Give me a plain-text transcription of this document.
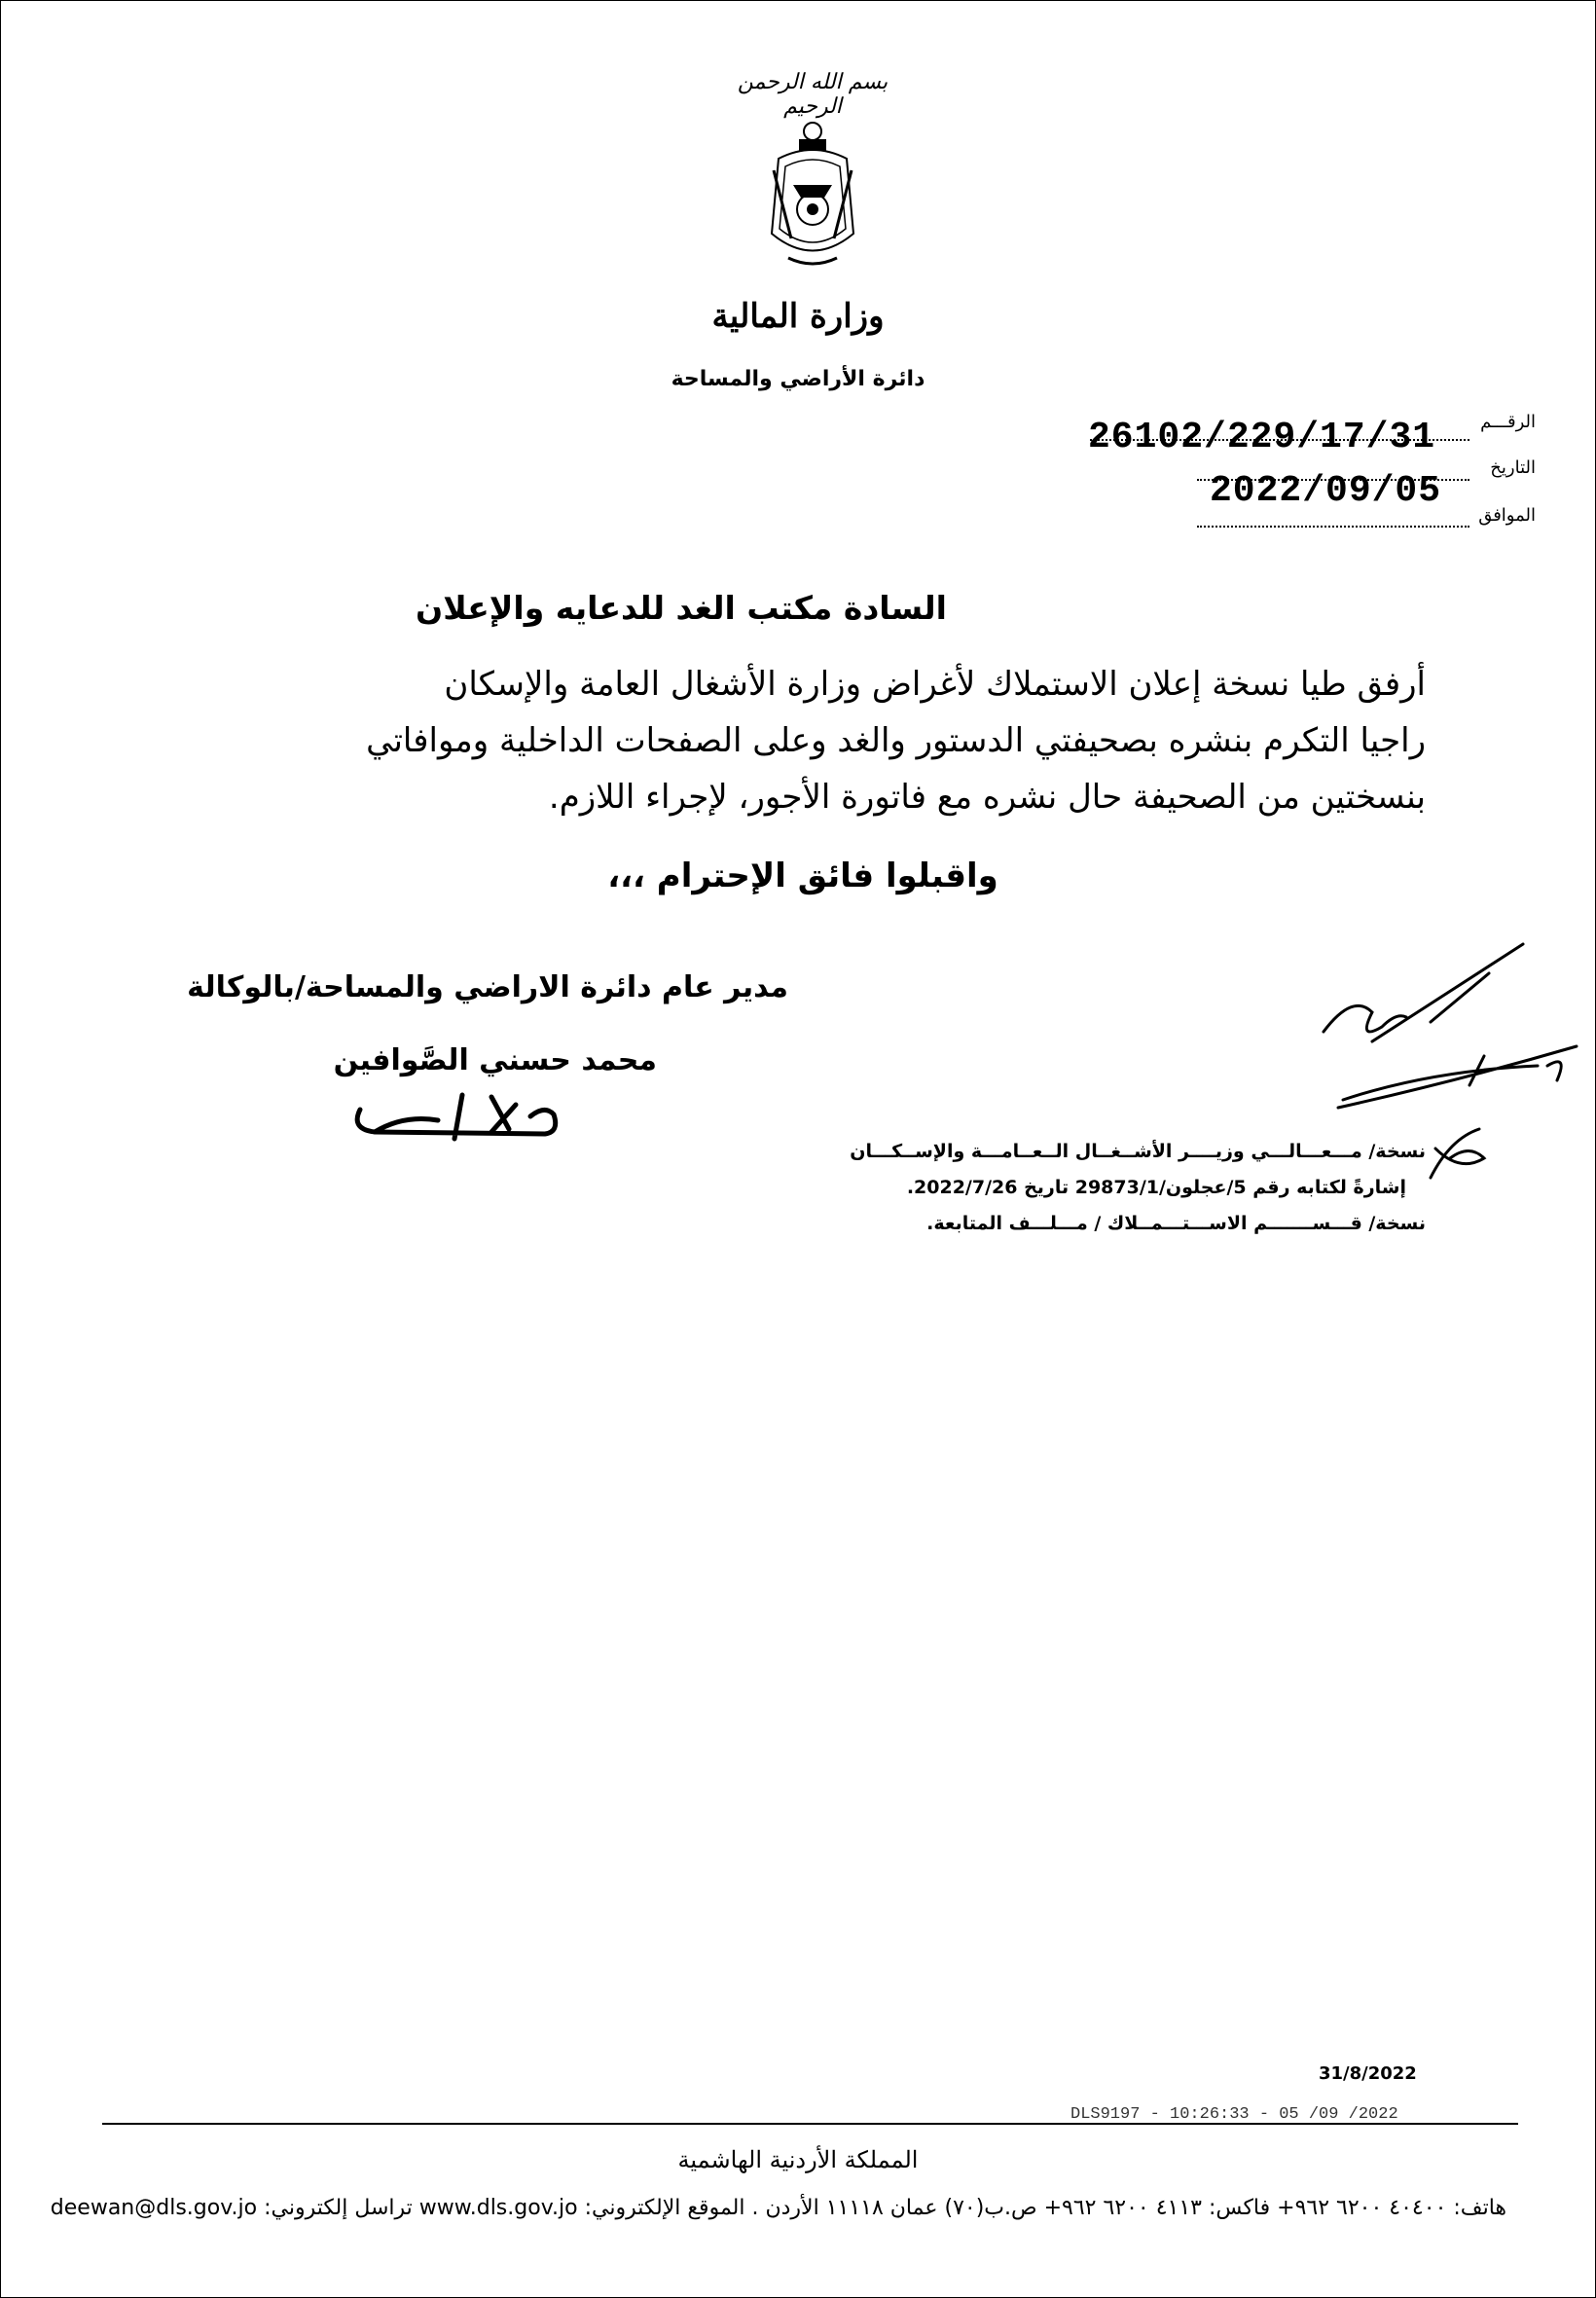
بسم الله الرحمن الرحيم
وزارة المالية
دائرة الأراضي والمساحة
الرقـــم
26102/229/17/31
التاريخ
2022/09/05
الموافق
السادة مكتب الغد للدعايه والإعلان
أرفق طيا نسخة إعلان الاستملاك لأغراض وزارة الأشغال العامة والإسكان
راجيا التكرم بنشره بصحيفتي الدستور والغد وعلى الصفحات الداخلية وموافاتي
بنسختين من الصحيفة حال نشره مع فاتورة الأجور، لإجراء اللازم.
واقبلوا فائق الإحترام ،،،
مدير عام دائرة الاراضي والمساحة/بالوكالة
محمد حسني الصَّوافين
نسخة/ مـــعـــالـــي وزيــــر الأشــغــال الــعــامـــة والإســكـــان
إشارةً لكتابه رقم 5/عجلون/29873/1 تاريخ 2022/7/26.
نسخة/ قـــســـــــم الاســـتـــمــلاك / مـــلـــف المتابعة.
31/8/2022
DLS9197 - 10:26:33 - 05 /09 /2022
المملكة الأردنية الهاشمية
هاتف: ٤٠٤٠٠ ٦٢٠٠ ٩٦٢+ فاكس: ٤١١٣ ٦٢٠٠ ٩٦٢+ ص.ب(٧٠) عمان ١١١١٨ الأردن . الموقع الإلكتروني: www.dls.gov.jo تراسل إلكتروني: deewan@dls.gov.jo
